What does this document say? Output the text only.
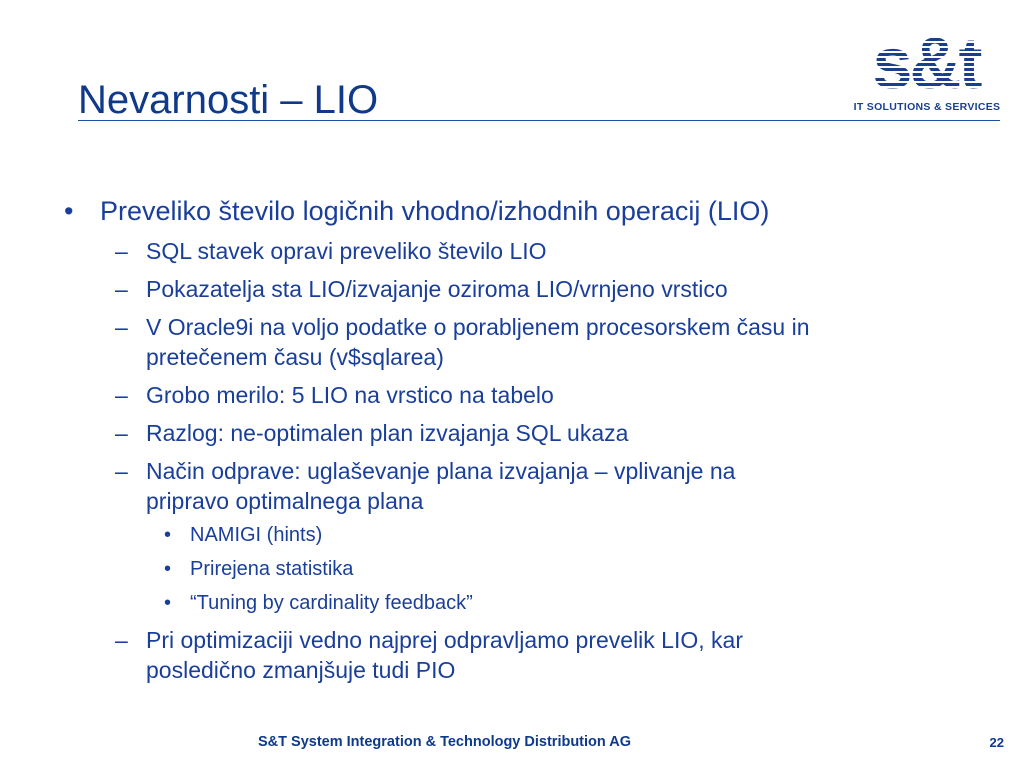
Nevarnosti – LIO	s&t
IT SOLUTIONS & SERVICES
• Preveliko število logičnih vhodno/izhodnih operacij (LIO)
– SQL stavek opravi preveliko število LIO
– Pokazatelja sta LIO/izvajanje oziroma LIO/vrnjeno vrstico
– V Oracle9i na voljo podatke o porabljenem procesorskem času in
pretečenem času (v$sqlarea)
– Grobo merilo: 5 LIO na vrstico na tabelo
– Razlog: ne-optimalen plan izvajanja SQL ukaza
– Način odprave: uglaševanje plana izvajanja – vplivanje na
pripravo optimalnega plana
• NAMIGI (hints)
• Prirejena statistika
• “Tuning by cardinality feedback”
– Pri optimizaciji vedno najprej odpravljamo prevelik LIO, kar
posledično zmanjšuje tudi PIO
S&T System Integration & Technology Distribution AG	22
